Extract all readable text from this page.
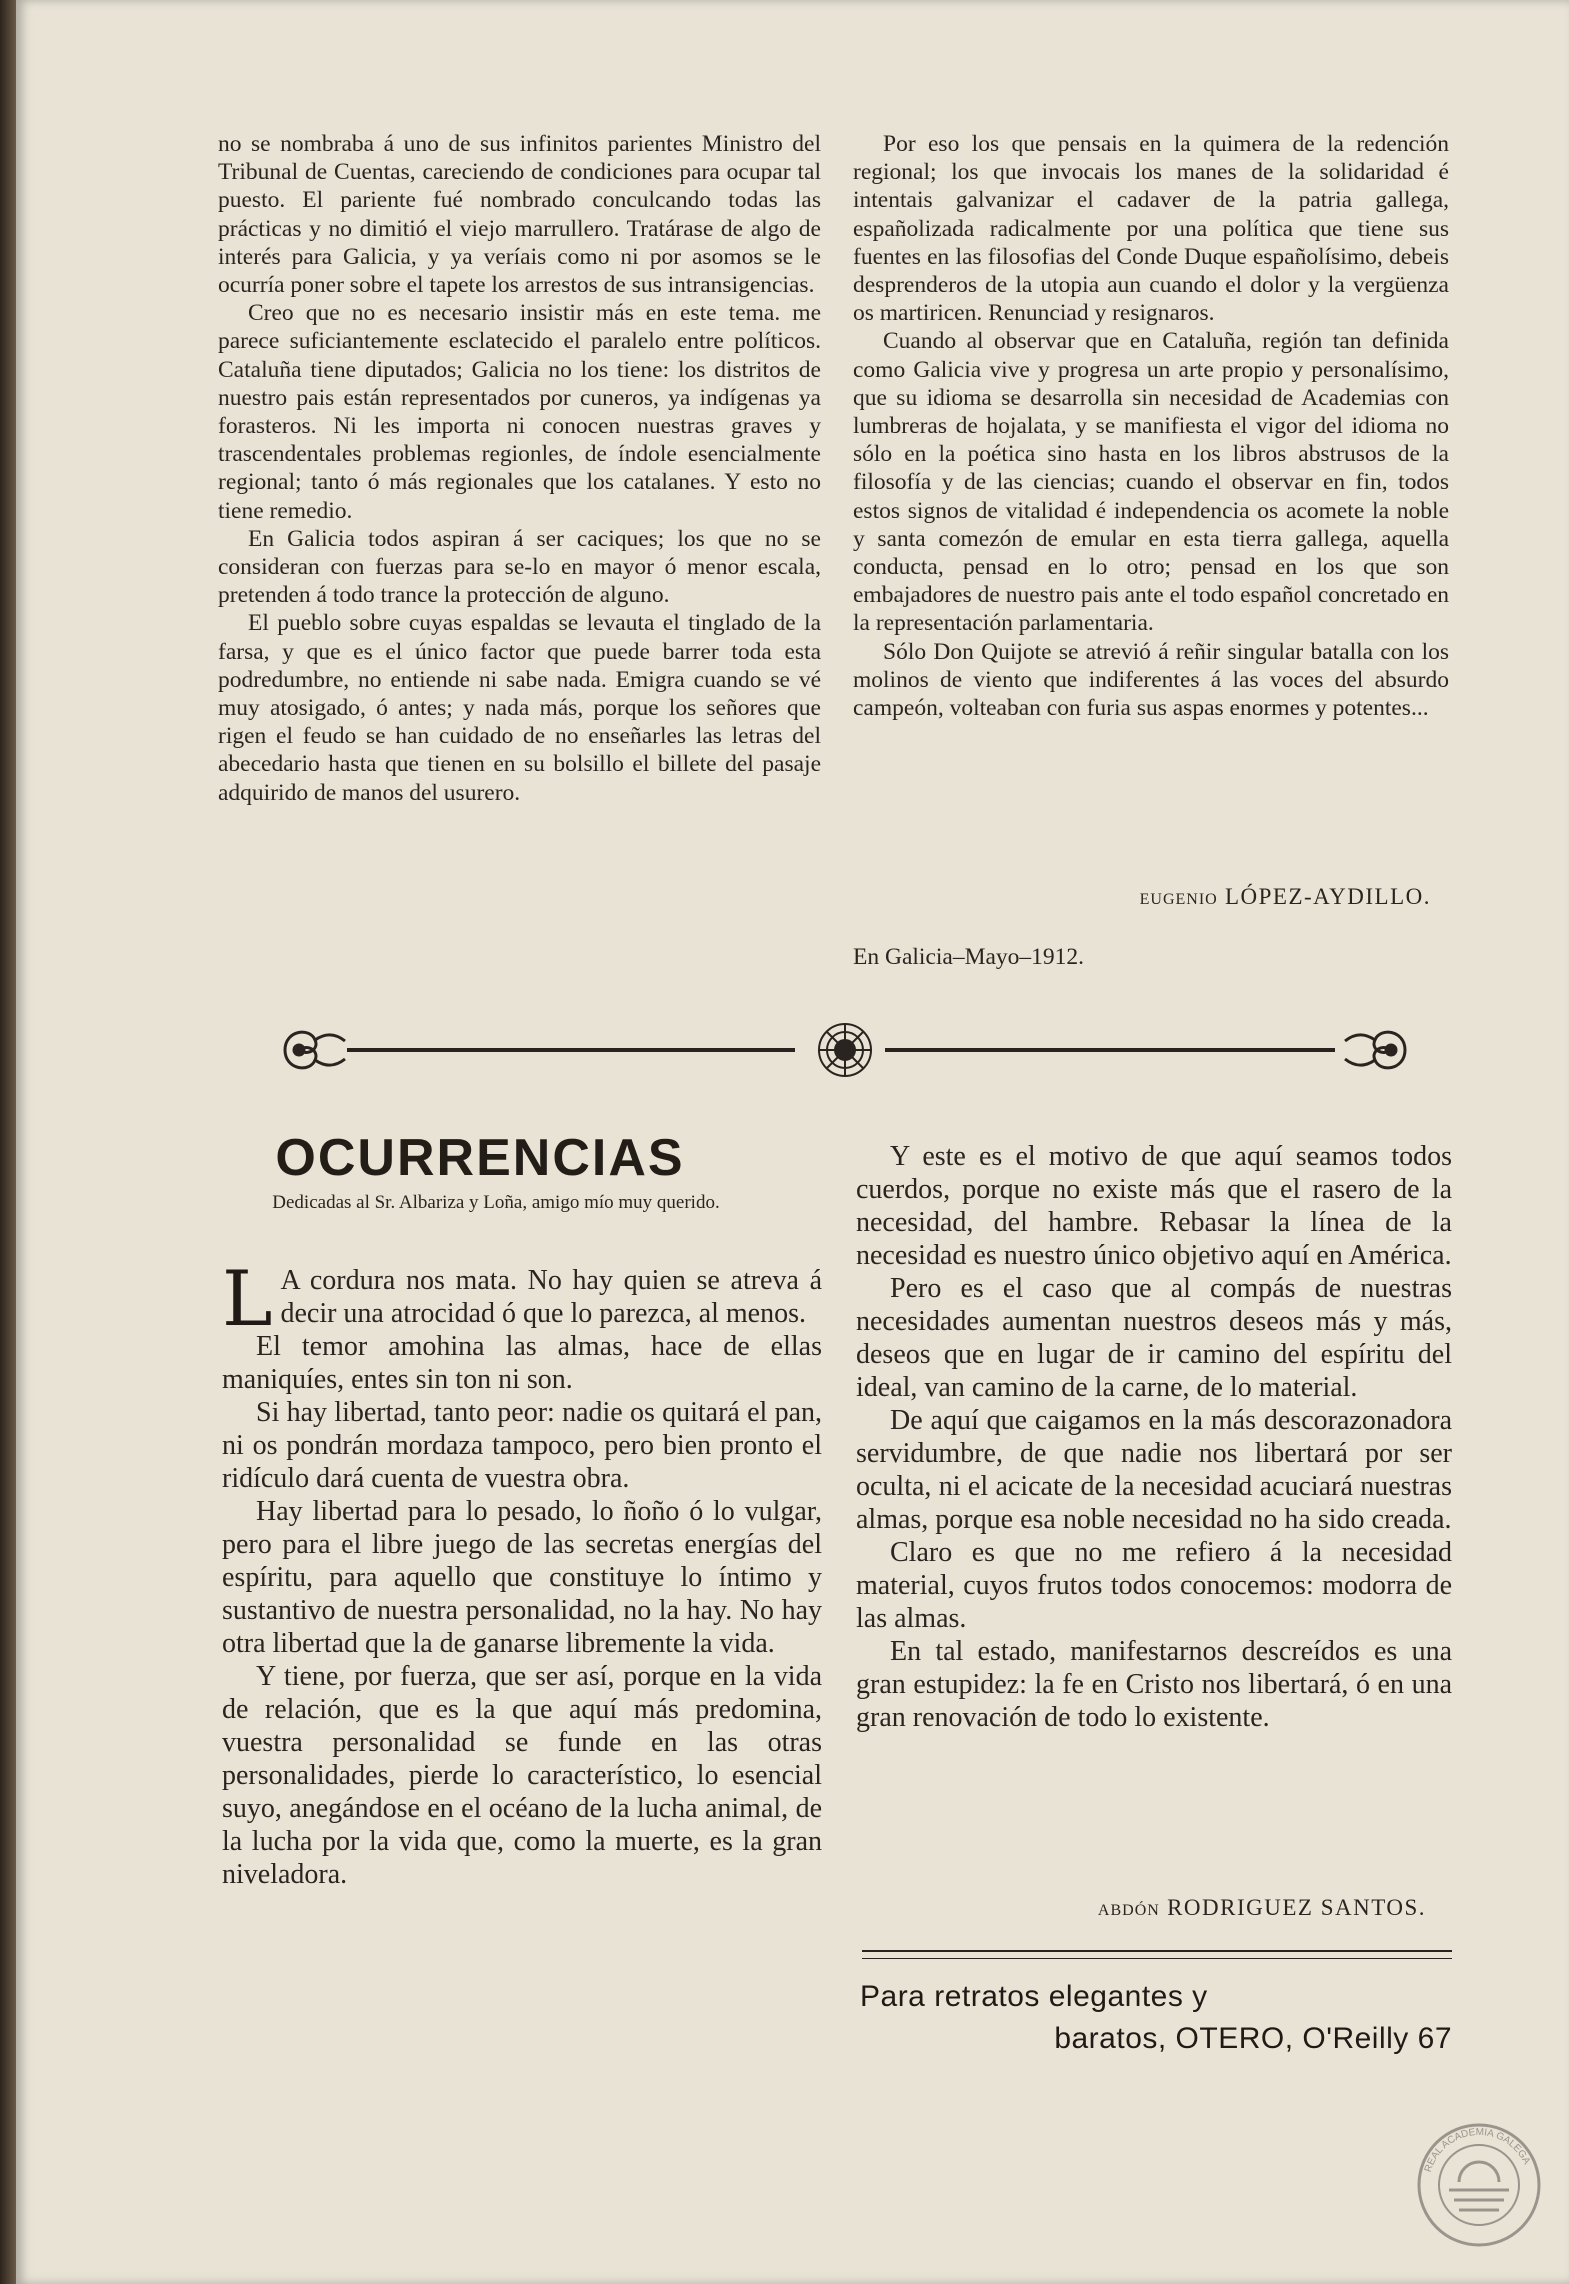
no se nombraba á uno de sus infinitos parientes Ministro del Tribunal de Cuentas, careciendo de condiciones para ocupar tal puesto. El pariente fué nombrado conculcando todas las prácticas y no dimitió el viejo marrullero. Tratárase de algo de interés para Galicia, y ya veríais como ni por asomos se le ocurría poner sobre el tapete los arrestos de sus intransigencias.

Creo que no es necesario insistir más en este tema. me parece suficiantemente esclatecido el paralelo entre políticos. Cataluña tiene diputados; Galicia no los tiene: los distritos de nuestro pais están representados por cuneros, ya indígenas ya forasteros. Ni les importa ni conocen nuestras graves y trascendentales problemas regionles, de índole esencialmente regional; tanto ó más regionales que los catalanes. Y esto no tiene remedio.

En Galicia todos aspiran á ser caciques; los que no se consideran con fuerzas para se-lo en mayor ó menor escala, pretenden á todo trance la protección de alguno.

El pueblo sobre cuyas espaldas se levauta el tinglado de la farsa, y que es el único factor que puede barrer toda esta podredumbre, no entiende ni sabe nada. Emigra cuando se vé muy atosigado, ó antes; y nada más, porque los señores que rigen el feudo se han cuidado de no enseñarles las letras del abecedario hasta que tienen en su bolsillo el billete del pasaje adquirido de manos del usurero.

Por eso los que pensais en la quimera de la redención regional; los que invocais los manes de la solidaridad é intentais galvanizar el cadaver de la patria gallega, españolizada radicalmente por una política que tiene sus fuentes en las filosofias del Conde Duque españolísimo, debeis desprenderos de la utopia aun cuando el dolor y la vergüenza os martiricen. Renunciad y resignaros.

Cuando al observar que en Cataluña, región tan definida como Galicia vive y progresa un arte propio y personalísimo, que su idioma se desarrolla sin necesidad de Academias con lumbreras de hojalata, y se manifiesta el vigor del idioma no sólo en la poética sino hasta en los libros abstrusos de la filosofía y de las ciencias; cuando el observar en fin, todos estos signos de vitalidad é independencia os acomete la noble y santa comezón de emular en esta tierra gallega, aquella conducta, pensad en lo otro; pensad en los que son embajadores de nuestro pais ante el todo español concretado en la representación parlamentaria.

Sólo Don Quijote se atrevió á reñir singular batalla con los molinos de viento que indiferentes á las voces del absurdo campeón, volteaban con furia sus aspas enormes y potentes...

EUGENIO LÓPEZ-AYDILLO.

En Galicia–Mayo–1912.

OCURRENCIAS

Dedicadas al Sr. Albariza y Loña, amigo mío muy querido.

L A cordura nos mata. No hay quien se atreva á decir una atrocidad ó que lo parezca, al menos.

El temor amohina las almas, hace de ellas maniquíes, entes sin ton ni son.

Si hay libertad, tanto peor: nadie os quitará el pan, ni os pondrán mordaza tampoco, pero bien pronto el ridículo dará cuenta de vuestra obra.

Hay libertad para lo pesado, lo ñoño ó lo vulgar, pero para el libre juego de las secretas energías del espíritu, para aquello que constituye lo íntimo y sustantivo de nuestra personalidad, no la hay. No hay otra libertad que la de ganarse libremente la vida.

Y tiene, por fuerza, que ser así, porque en la vida de relación, que es la que aquí más predomina, vuestra personalidad se funde en las otras personalidades, pierde lo característico, lo esencial suyo, anegándose en el océano de la lucha animal, de la lucha por la vida que, como la muerte, es la gran niveladora.

Y este es el motivo de que aquí seamos todos cuerdos, porque no existe más que el rasero de la necesidad, del hambre. Rebasar la línea de la necesidad es nuestro único objetivo aquí en América.

Pero es el caso que al compás de nuestras necesidades aumentan nuestros deseos más y más, deseos que en lugar de ir camino del espíritu del ideal, van camino de la carne, de lo material.

De aquí que caigamos en la más descorazonadora servidumbre, de que nadie nos libertará por ser oculta, ni el acicate de la necesidad acuciará nuestras almas, porque esa noble necesidad no ha sido creada.

Claro es que no me refiero á la necesidad material, cuyos frutos todos conocemos: modorra de las almas.

En tal estado, manifestarnos descreídos es una gran estupidez: la fe en Cristo nos libertará, ó en una gran renovación de todo lo existente.

ABDÓN RODRIGUEZ SANTOS.

Para retratos elegantes y
baratos, OTERO, O'Reilly 67
REAL ACADEMIA GALEGA
